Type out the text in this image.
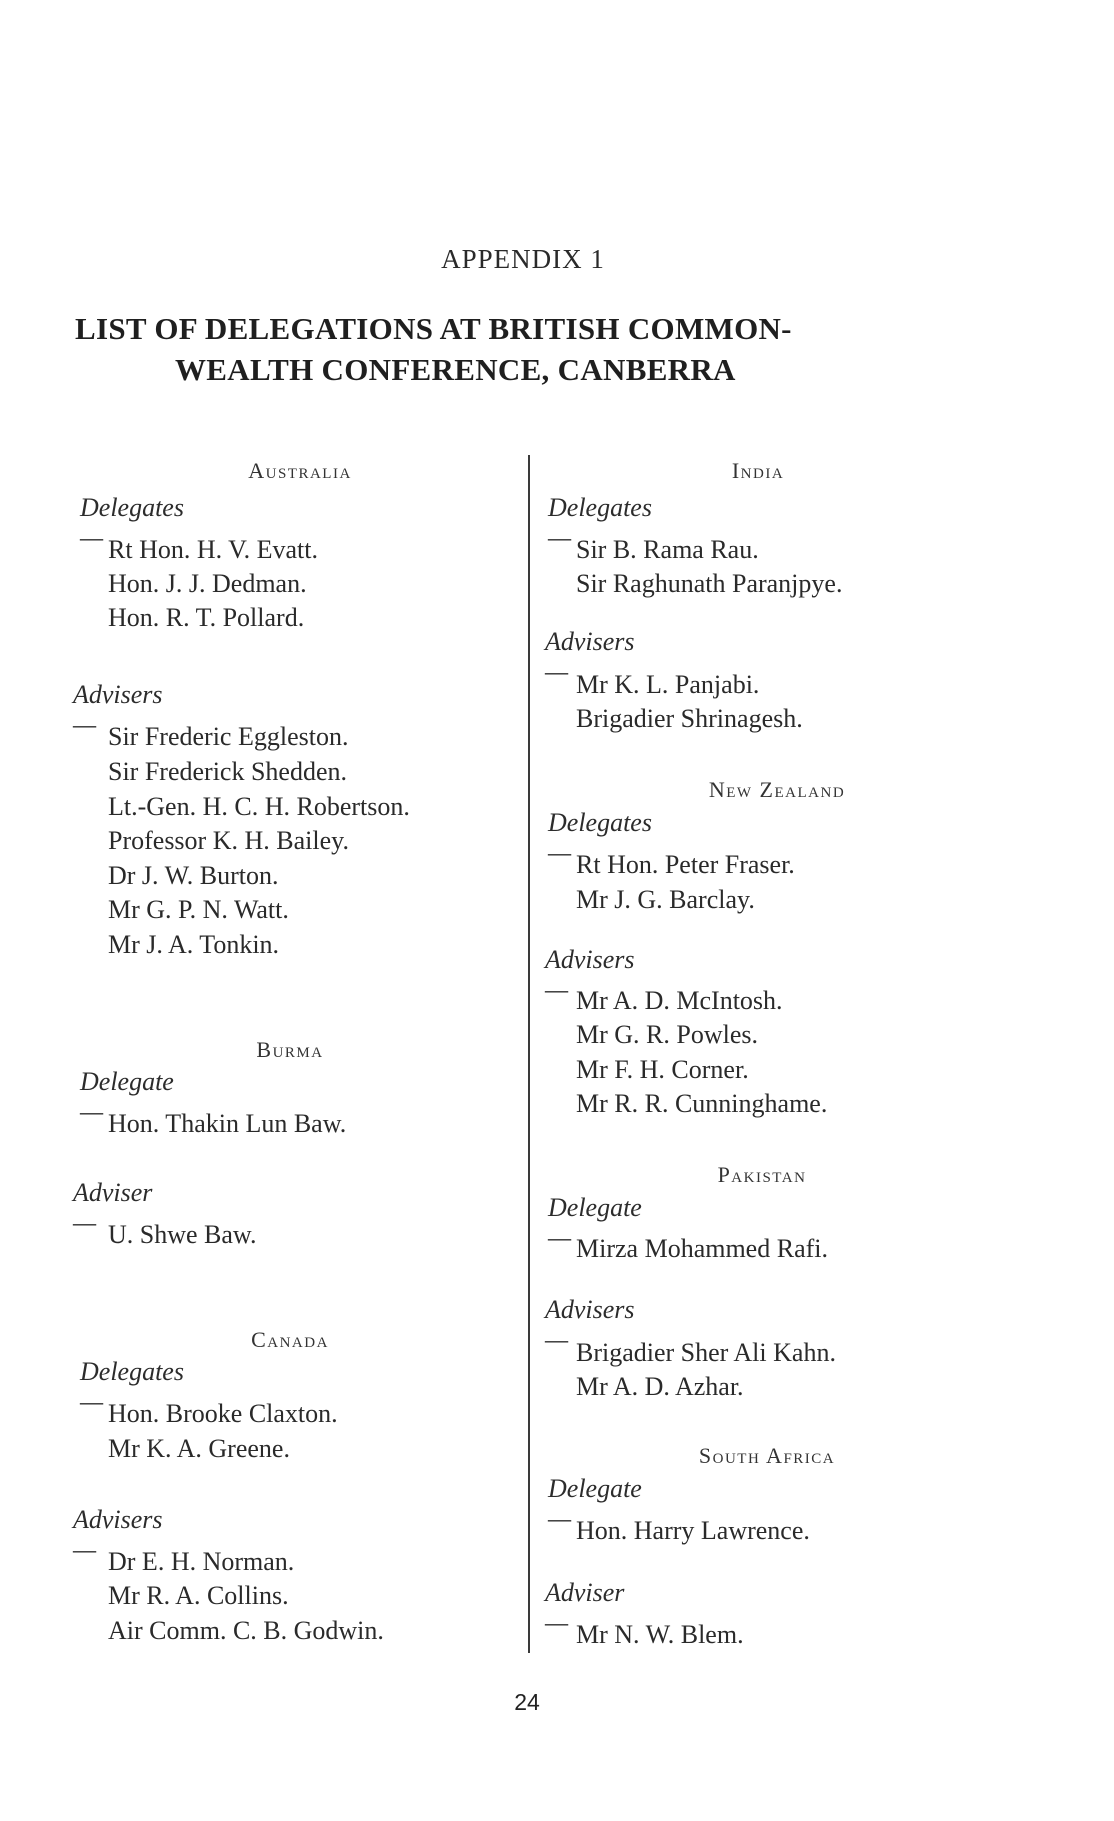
APPENDIX 1
LIST OF DELEGATIONS AT BRITISH COMMON-
WEALTH CONFERENCE, CANBERRA
Australia
Delegates— Rt Hon. H. V. Evatt.
Hon. J. J. Dedman.
Hon. R. T. Pollard.
Advisers— Sir Frederic Eggleston.
Sir Frederick Shedden.
Lt.-Gen. H. C. H. Robertson.
Professor K. H. Bailey.
Dr J. W. Burton.
Mr G. P. N. Watt.
Mr J. A. Tonkin.
Burma
Delegate— Hon. Thakin Lun Baw.
Adviser— U. Shwe Baw.
Canada
Delegates— Hon. Brooke Claxton.
Mr K. A. Greene.
Advisers— Dr E. H. Norman.
Mr R. A. Collins.
Air Comm. C. B. Godwin.
India
Delegates— Sir B. Rama Rau.
Sir Raghunath Paranjpye.
Advisers— Mr K. L. Panjabi.
Brigadier Shrinagesh.
New Zealand
Delegates— Rt Hon. Peter Fraser.
Mr J. G. Barclay.
Advisers— Mr A. D. McIntosh.
Mr G. R. Powles.
Mr F. H. Corner.
Mr R. R. Cunninghame.
Pakistan
Delegate— Mirza Mohammed Rafi.
Advisers— Brigadier Sher Ali Kahn.
Mr A. D. Azhar.
South Africa
Delegate— Hon. Harry Lawrence.
Adviser— Mr N. W. Blem.
24
